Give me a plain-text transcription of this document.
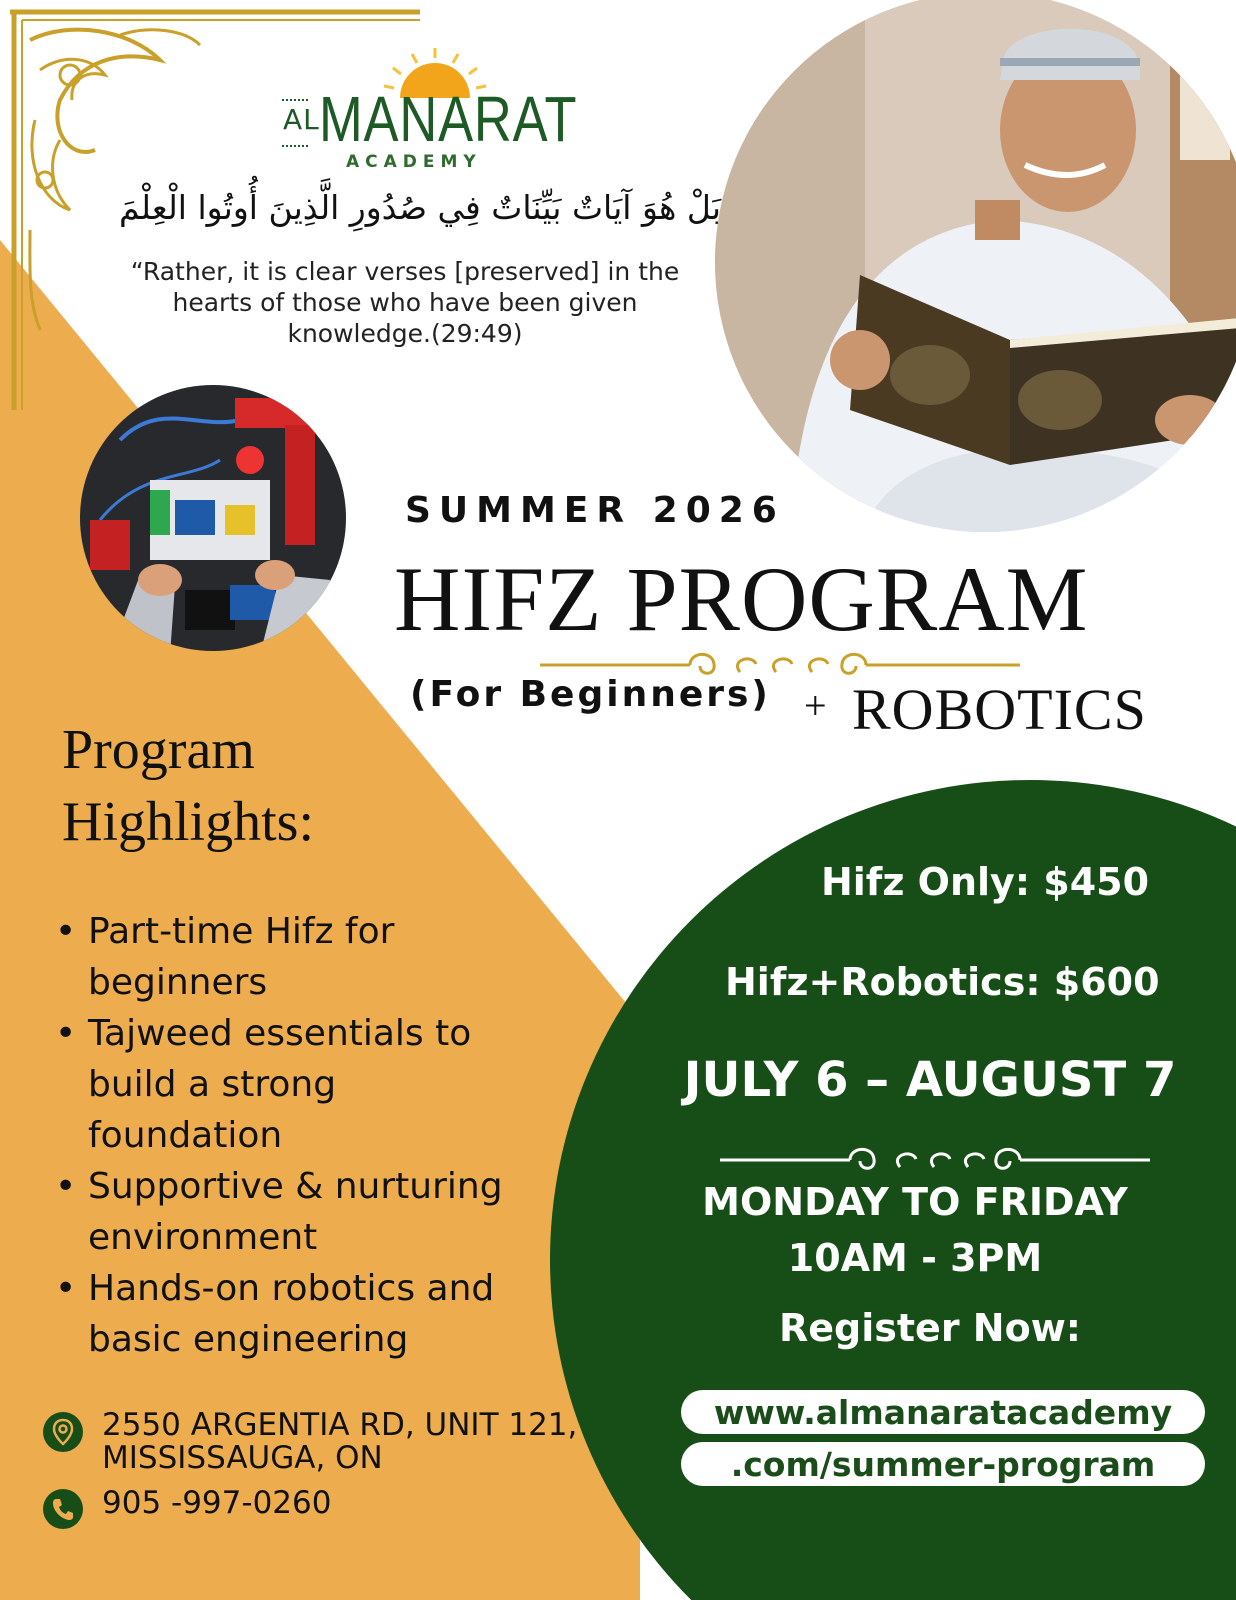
AL MANARAT
ACADEMY
بَلْ هُوَ آيَاتٌ بَيِّنَاتٌ فِي صُدُورِ الَّذِينَ أُوتُوا الْعِلْمَ
“Rather, it is clear verses [preserved] in the
hearts of those who have been given
knowledge.(29:49)
SUMMER 2026
HIFZ PROGRAM
(For Beginners) + ROBOTICS
Program
Highlights:
• Part-time Hifz for beginners
• Tajweed essentials to build a strong foundation
• Supportive & nurturing environment
• Hands-on robotics and basic engineering
2550 ARGENTIA RD, UNIT 121,
MISSISSAUGA, ON
905 -997-0260
Hifz Only: $450
Hifz+Robotics: $600
JULY 6 – AUGUST 7
MONDAY TO FRIDAY
10AM - 3PM
Register Now:
www.almanaratacademy
.com/summer-program
